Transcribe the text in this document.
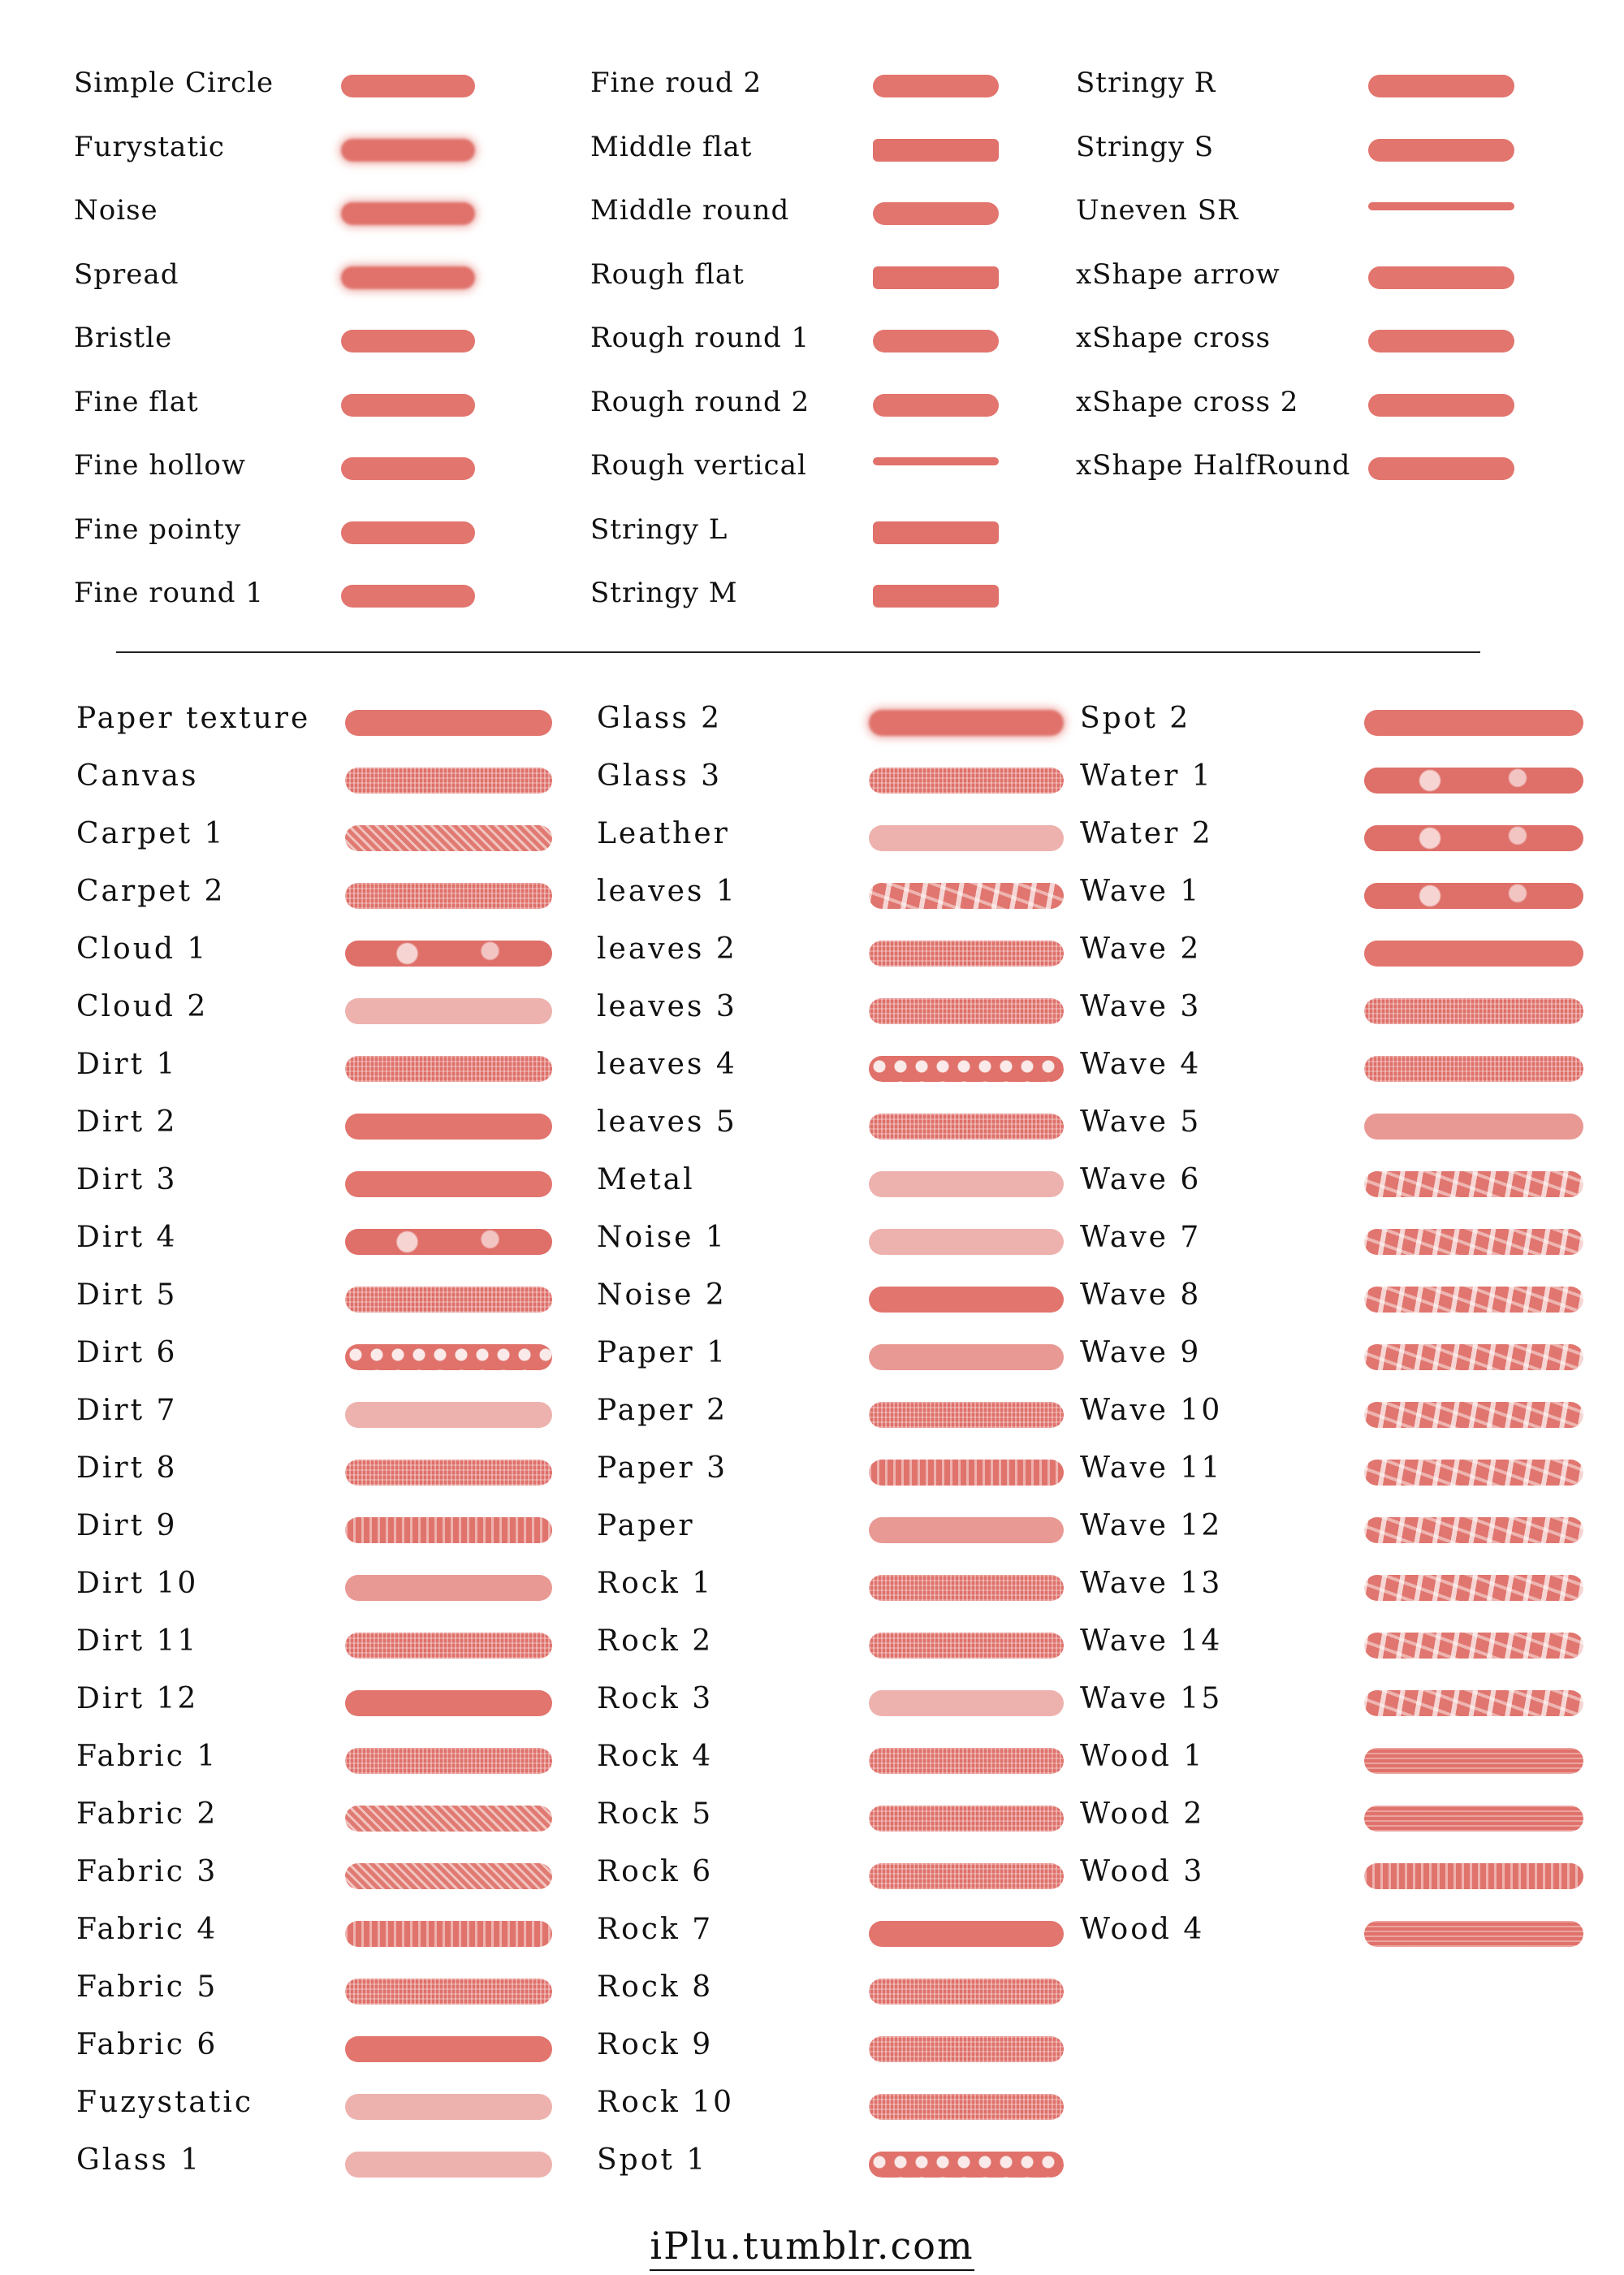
Simple Circle
Furystatic
Noise
Spread
Bristle
Fine flat
Fine hollow
Fine pointy
Fine round 1
Fine roud 2
Middle flat
Middle round
Rough flat
Rough round 1
Rough round 2
Rough vertical
Stringy L
Stringy M
Stringy R
Stringy S
Uneven SR
xShape arrow
xShape cross
xShape cross 2
xShape HalfRound
Paper texture
Canvas
Carpet 1
Carpet 2
Cloud 1
Cloud 2
Dirt 1
Dirt 2
Dirt 3
Dirt 4
Dirt 5
Dirt 6
Dirt 7
Dirt 8
Dirt 9
Dirt 10
Dirt 11
Dirt 12
Fabric 1
Fabric 2
Fabric 3
Fabric 4
Fabric 5
Fabric 6
Fuzystatic
Glass 1
Glass 2
Glass 3
Leather
leaves 1
leaves 2
leaves 3
leaves 4
leaves 5
Metal
Noise 1
Noise 2
Paper 1
Paper 2
Paper 3
Paper
Rock 1
Rock 2
Rock 3
Rock 4
Rock 5
Rock 6
Rock 7
Rock 8
Rock 9
Rock 10
Spot 1
Spot 2
Water 1
Water 2
Wave 1
Wave 2
Wave 3
Wave 4
Wave 5
Wave 6
Wave 7
Wave 8
Wave 9
Wave 10
Wave 11
Wave 12
Wave 13
Wave 14
Wave 15
Wood 1
Wood 2
Wood 3
Wood 4
iPlu.tumblr.com
